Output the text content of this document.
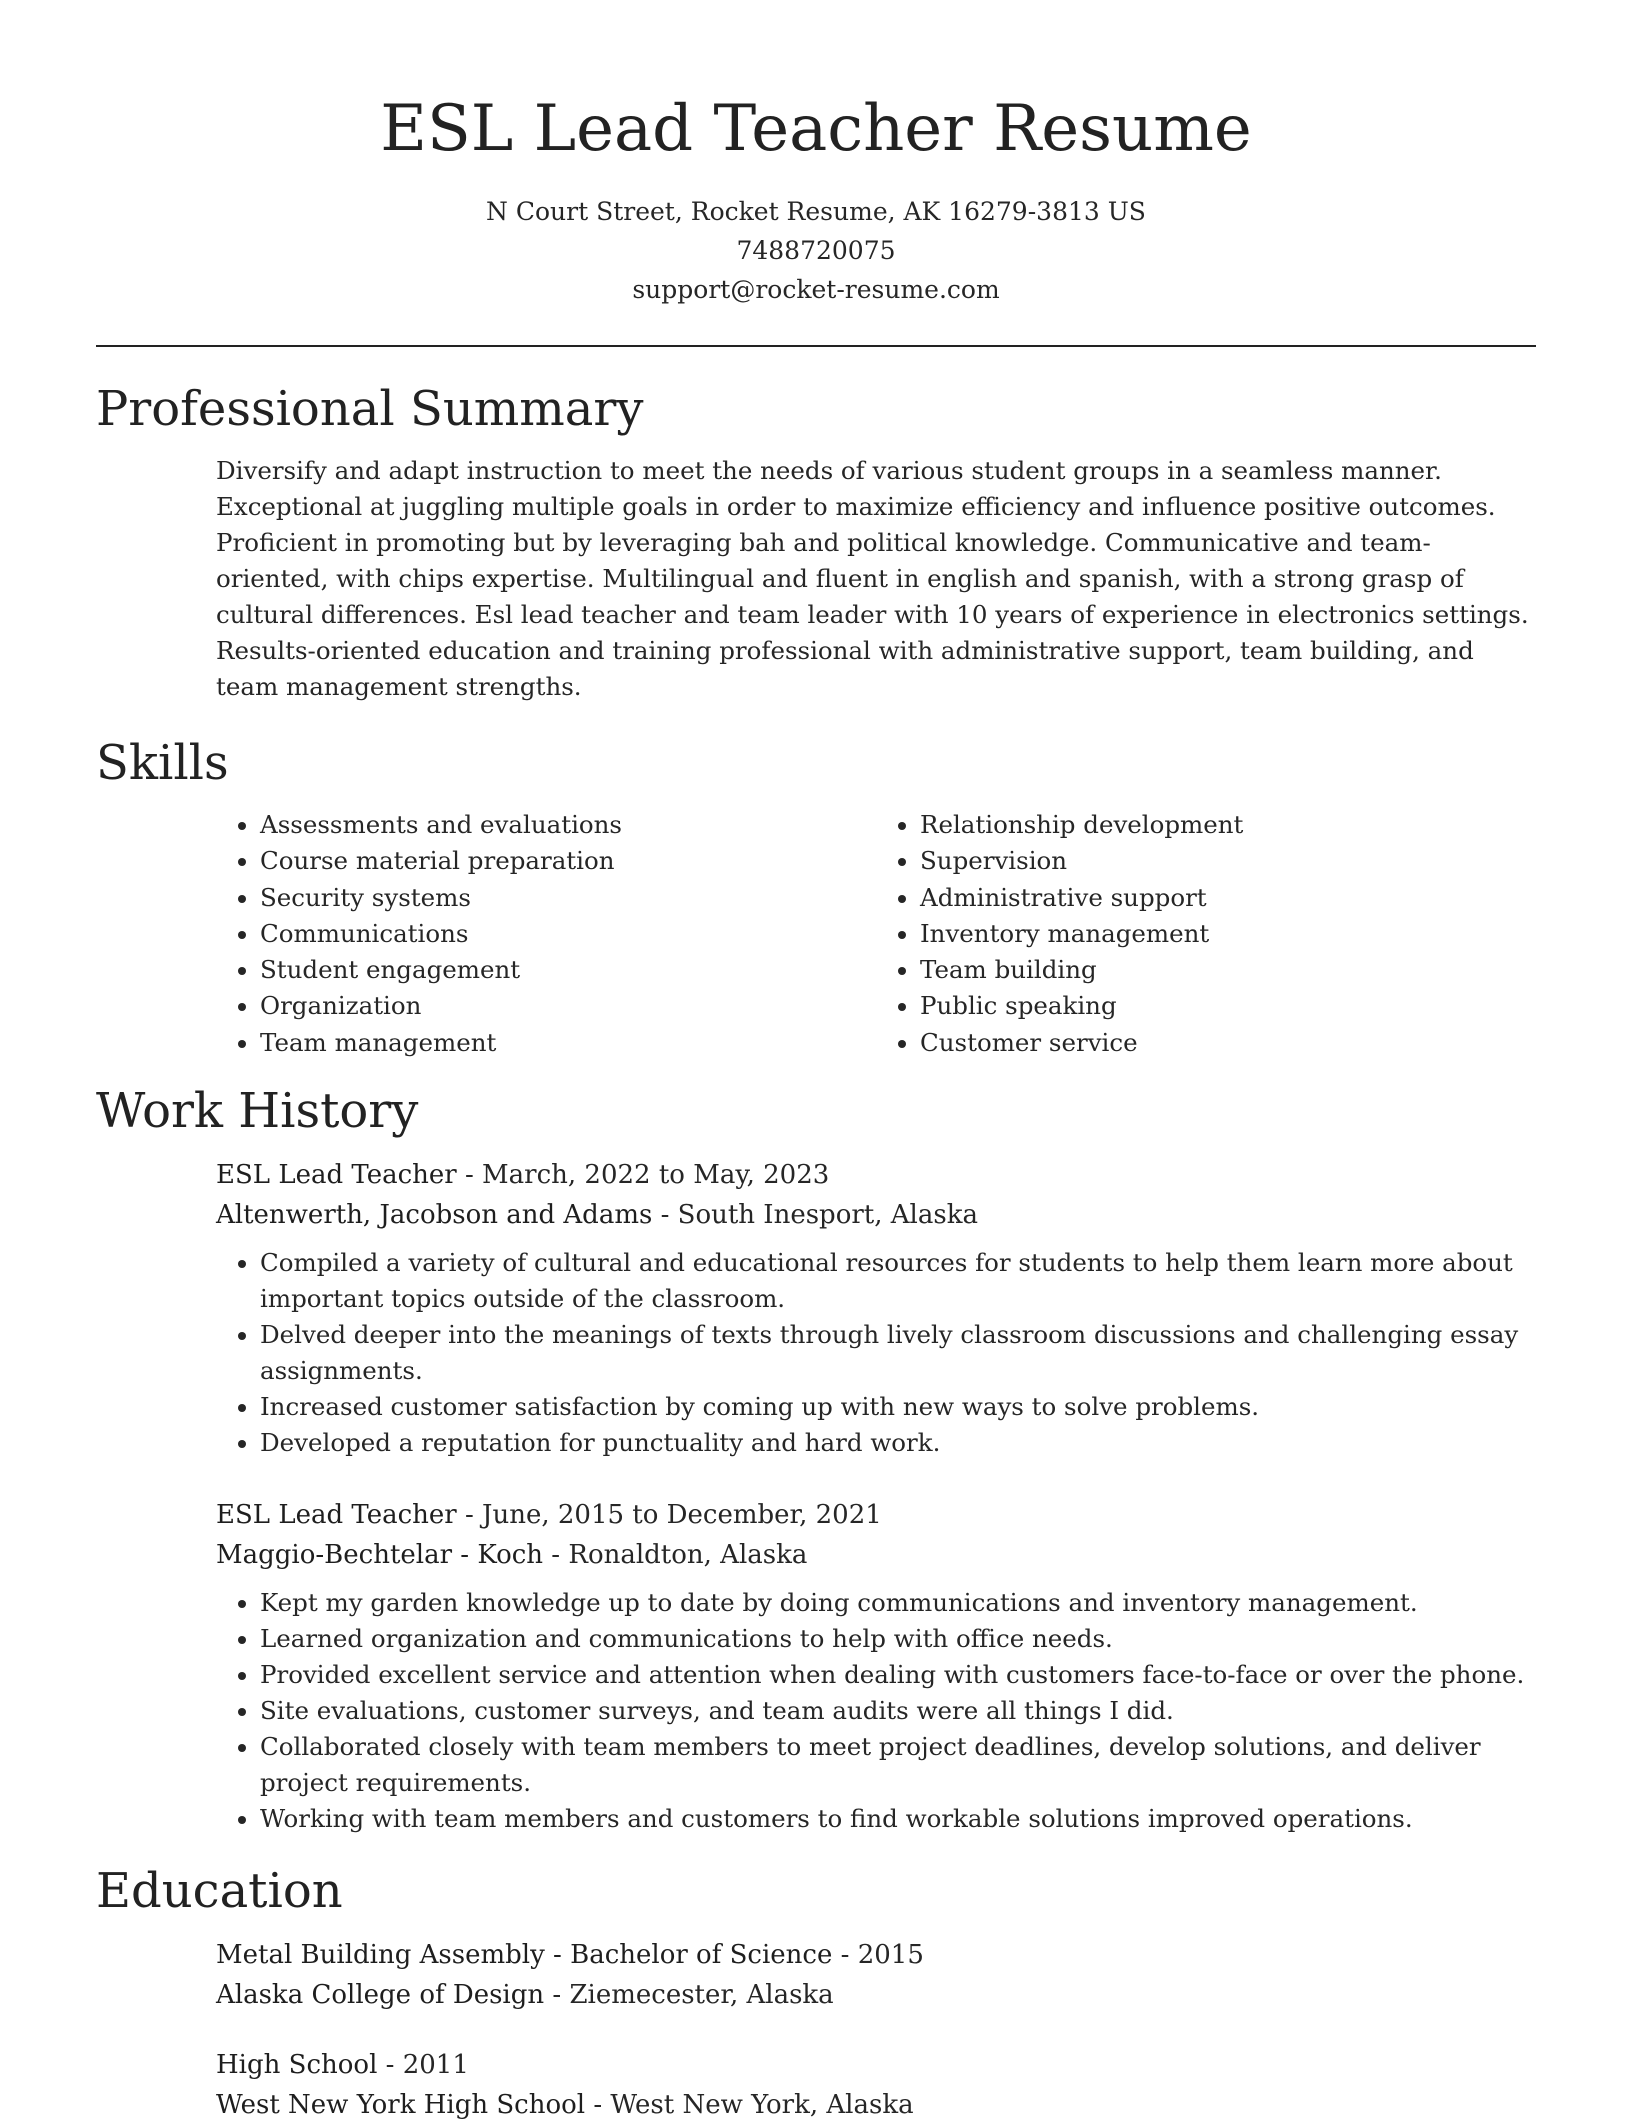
ESL Lead Teacher Resume
N Court Street, Rocket Resume, AK 16279-3813 US
7488720075
support@rocket-resume.com
Professional Summary

Diversify and adapt instruction to meet the needs of various student groups in a seamless manner. Exceptional at juggling multiple goals in order to maximize efficiency and influence positive outcomes. Proficient in promoting but by leveraging bah and political knowledge. Communicative and team-oriented, with chips expertise. Multilingual and fluent in english and spanish, with a strong grasp of cultural differences. Esl lead teacher and team leader with 10 years of experience in electronics settings. Results-oriented education and training professional with administrative support, team building, and team management strengths.

Skills
• Assessments and evaluations
• Course material preparation
• Security systems
• Communications
• Student engagement
• Organization
• Team management
• Relationship development
• Supervision
• Administrative support
• Inventory management
• Team building
• Public speaking
• Customer service
Work History
ESL Lead Teacher - March, 2022 to May, 2023
Altenwerth, Jacobson and Adams - South Inesport, Alaska
• Compiled a variety of cultural and educational resources for students to help them learn more about important topics outside of the classroom.
• Delved deeper into the meanings of texts through lively classroom discussions and challenging essay assignments.
• Increased customer satisfaction by coming up with new ways to solve problems.
• Developed a reputation for punctuality and hard work.
ESL Lead Teacher - June, 2015 to December, 2021
Maggio-Bechtelar - Koch - Ronaldton, Alaska
• Kept my garden knowledge up to date by doing communications and inventory management.
• Learned organization and communications to help with office needs.
• Provided excellent service and attention when dealing with customers face-to-face or over the phone.
• Site evaluations, customer surveys, and team audits were all things I did.
• Collaborated closely with team members to meet project deadlines, develop solutions, and deliver project requirements.
• Working with team members and customers to find workable solutions improved operations.
Education
Metal Building Assembly - Bachelor of Science - 2015
Alaska College of Design - Ziemecester, Alaska
High School - 2011
West New York High School - West New York, Alaska
